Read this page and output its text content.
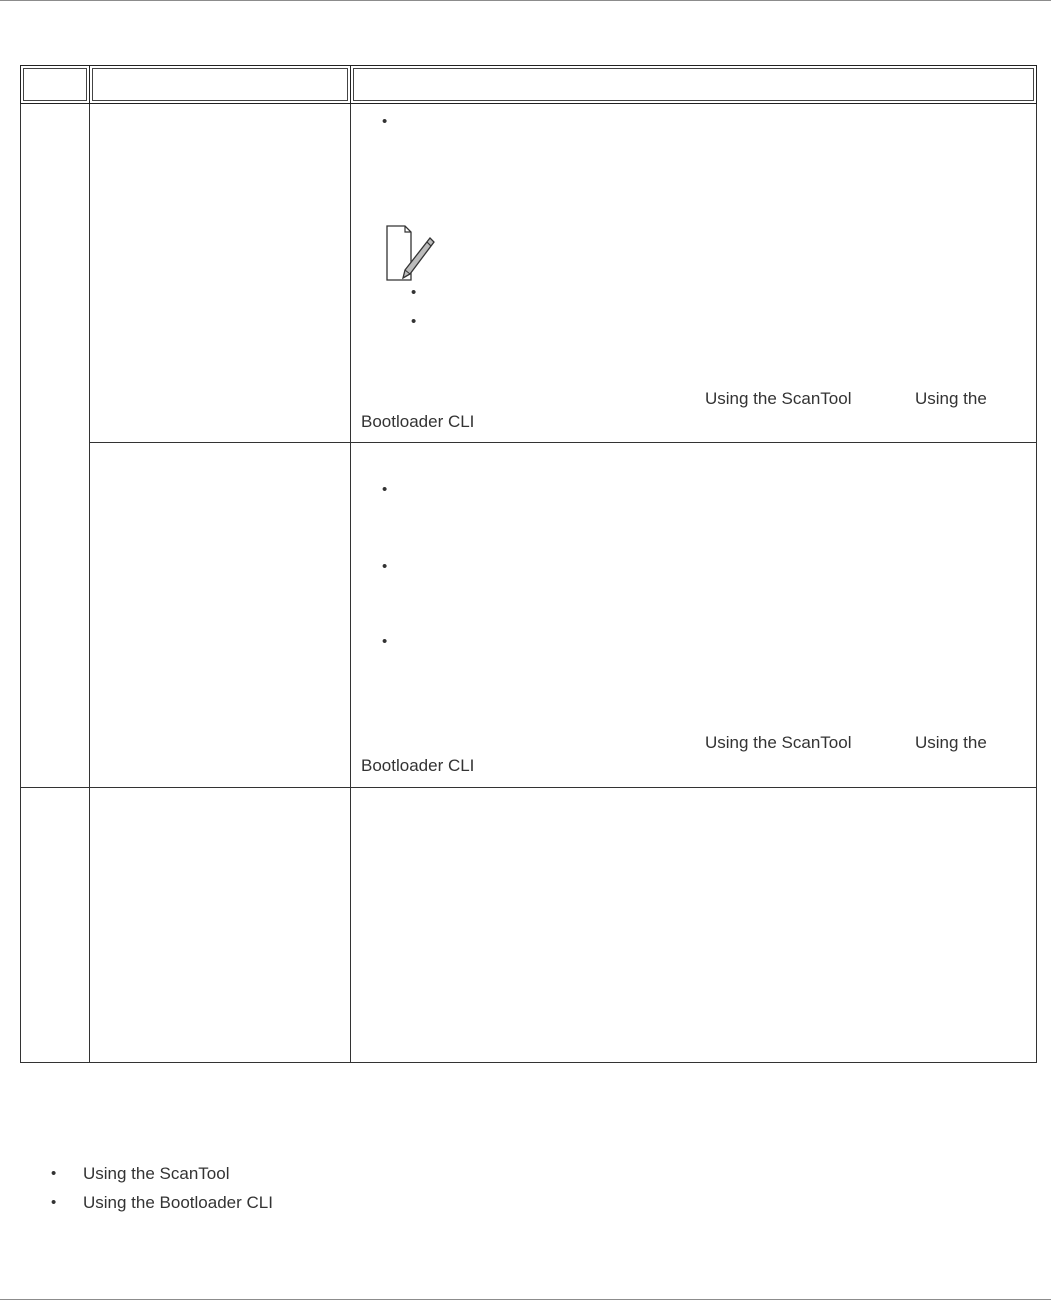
•
•
•
Using the ScanTool	Using the
Bootloader CLI
•
•
•
Using the ScanTool	Using the
Bootloader CLI
• Using the ScanTool
• Using the Bootloader CLI
